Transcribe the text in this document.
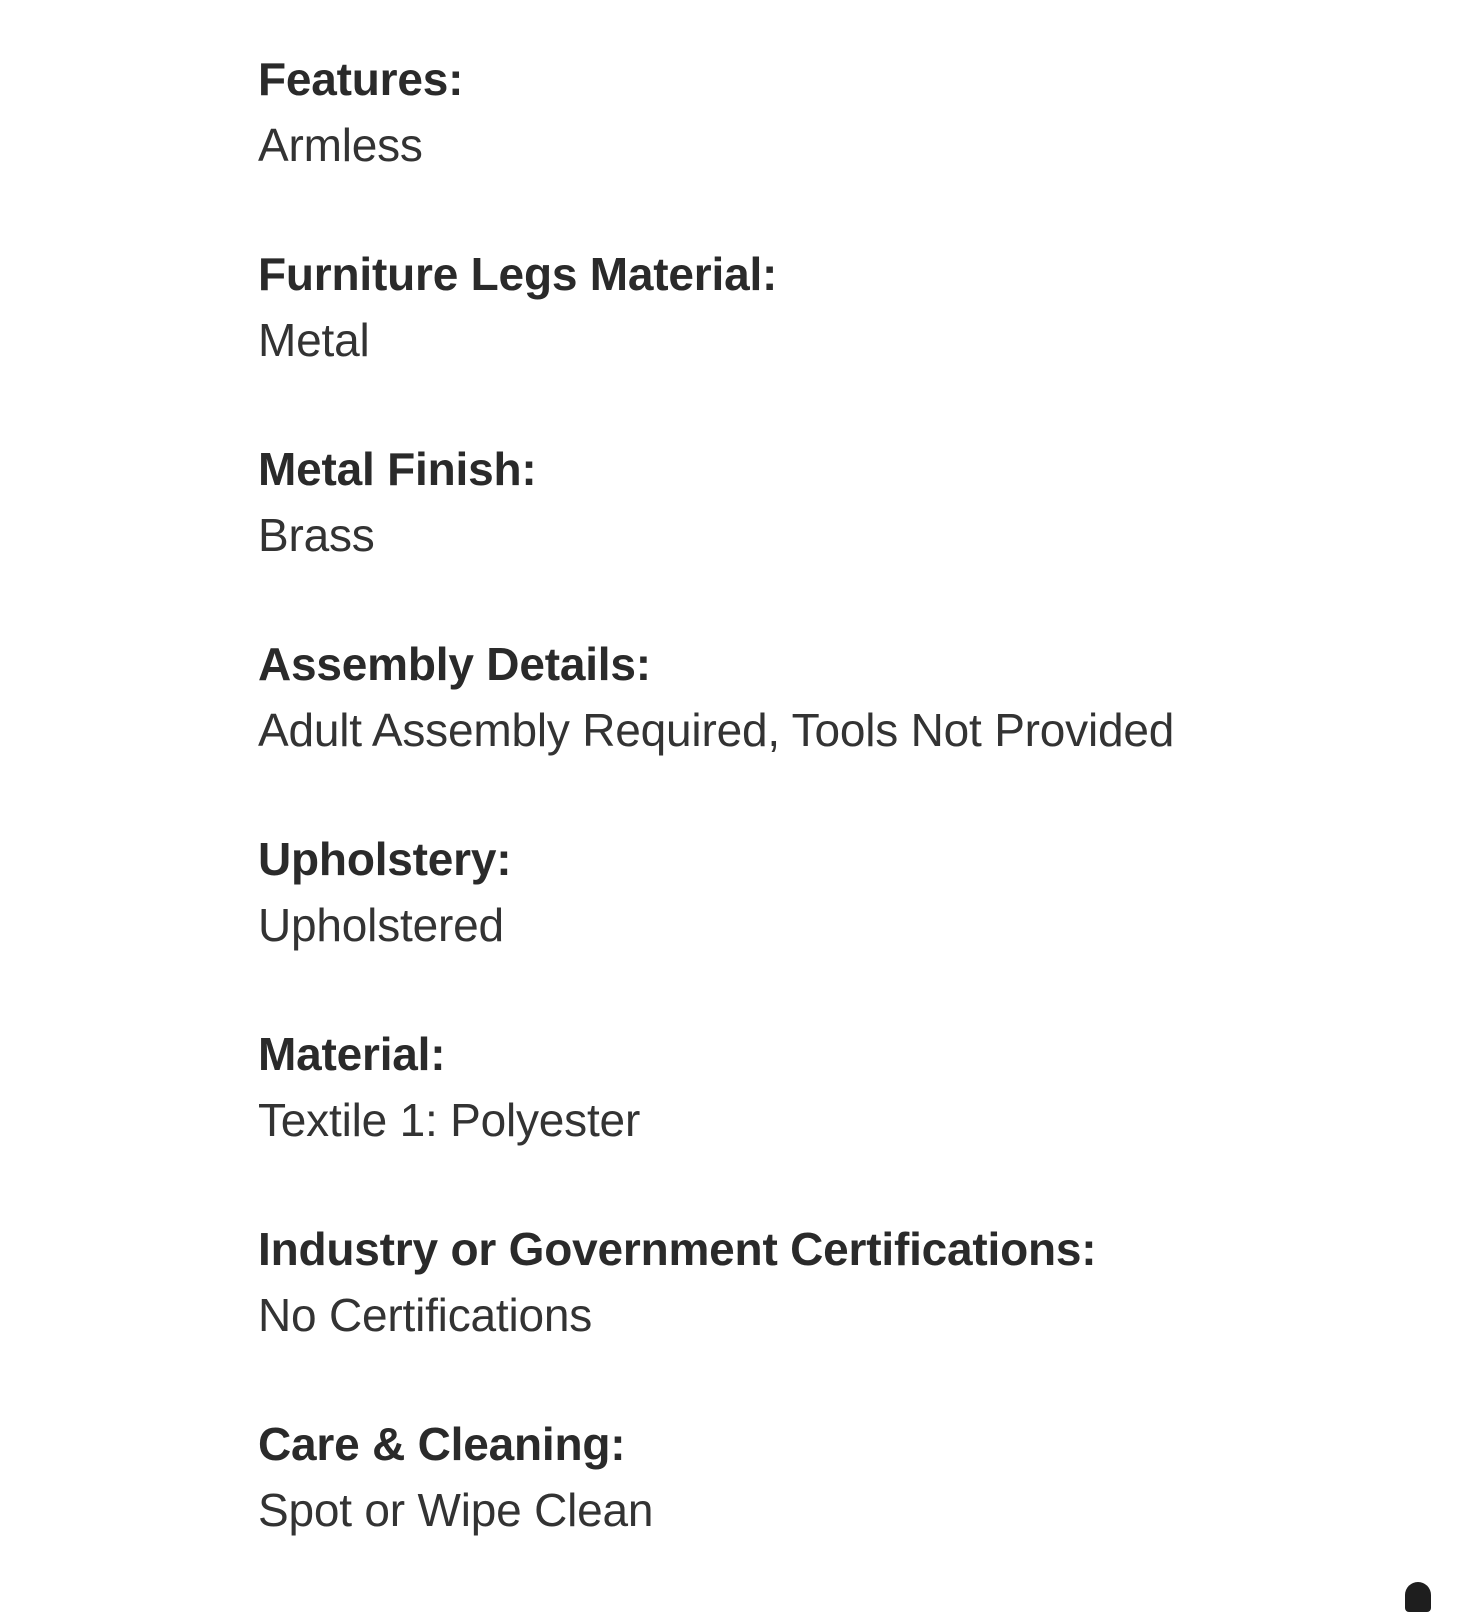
Features:
Armless
Furniture Legs Material:
Metal
Metal Finish:
Brass
Assembly Details:
Adult Assembly Required, Tools Not Provided
Upholstery:
Upholstered
Material:
Textile 1: Polyester
Industry or Government Certifications:
No Certifications
Care & Cleaning:
Spot or Wipe Clean
